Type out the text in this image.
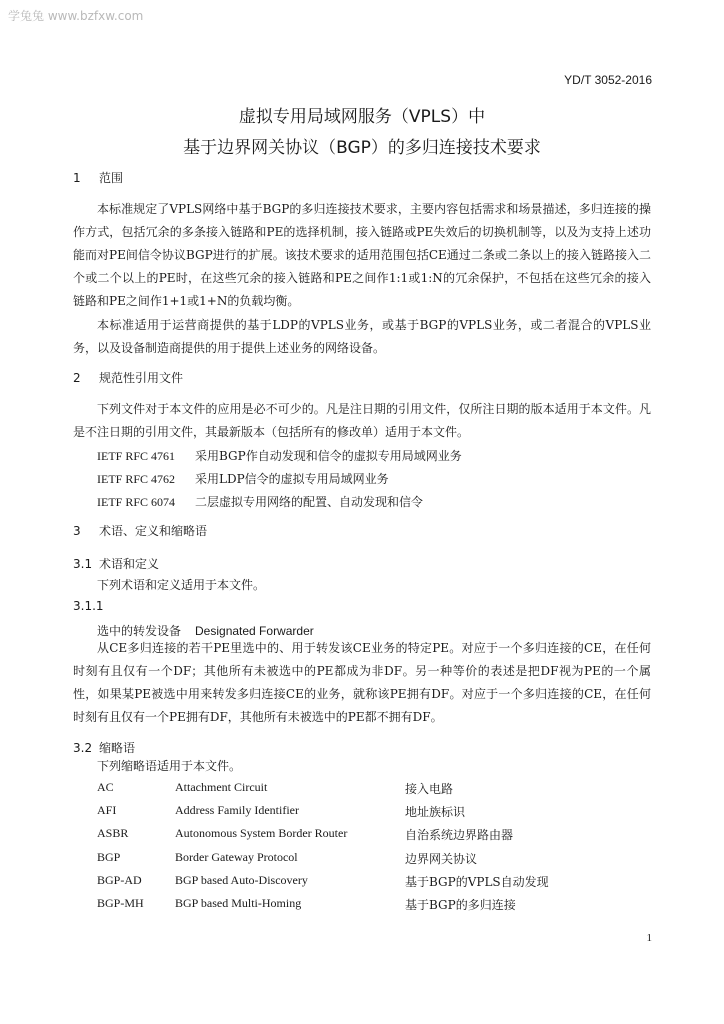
学兔兔 www.bzfxw.com
YD/T 3052-2016
虚拟专用局域网服务（VPLS）中
基于边界网关协议（BGP）的多归连接技术要求
1 范围

本标准规定了VPLS网络中基于BGP的多归连接技术要求，主要内容包括需求和场景描述，多归连接的操作方式，包括冗余的多条接入链路和PE的选择机制，接入链路或PE失效后的切换机制等，以及为支持上述功能而对PE间信令协议BGP进行的扩展。该技术要求的适用范围包括CE通过二条或二条以上的接入链路接入二个或二个以上的PE时，在这些冗余的接入链路和PE之间作1:1或1:N的冗余保护，不包括在这些冗余的接入链路和PE之间作1+1或1+N的负载均衡。

本标准适用于运营商提供的基于LDP的VPLS业务，或基于BGP的VPLS业务，或二者混合的VPLS业务，以及设备制造商提供的用于提供上述业务的网络设备。

2 规范性引用文件

下列文件对于本文件的应用是必不可少的。凡是注日期的引用文件，仅所注日期的版本适用于本文件。凡是不注日期的引用文件，其最新版本（包括所有的修改单）适用于本文件。

IETF RFC 4761 采用BGP作自动发现和信令的虚拟专用局域网业务
IETF RFC 4762 采用LDP信令的虚拟专用局域网业务
IETF RFC 6074 二层虚拟专用网络的配置、自动发现和信令
3 术语、定义和缩略语
3.1 术语和定义
下列术语和定义适用于本文件。
3.1.1
选中的转发设备 Designated Forwarder

从CE多归连接的若干PE里选中的、用于转发该CE业务的特定PE。对应于一个多归连接的CE，在任何时刻有且仅有一个DF；其他所有未被选中的PE都成为非DF。另一种等价的表述是把DF视为PE的一个属性，如果某PE被选中用来转发多归连接CE的业务，就称该PE拥有DF。对应于一个多归连接的CE，在任何时刻有且仅有一个PE拥有DF，其他所有未被选中的PE都不拥有DF。

3.2 缩略语
下列缩略语适用于本文件。
AC	Attachment Circuit	接入电路
AFI	Address Family Identifier	地址族标识
ASBR	Autonomous System Border Router	自治系统边界路由器
BGP	Border Gateway Protocol	边界网关协议
BGP-AD	BGP based Auto-Discovery	基于BGP的VPLS自动发现
BGP-MH	BGP based Multi-Homing	基于BGP的多归连接
1
